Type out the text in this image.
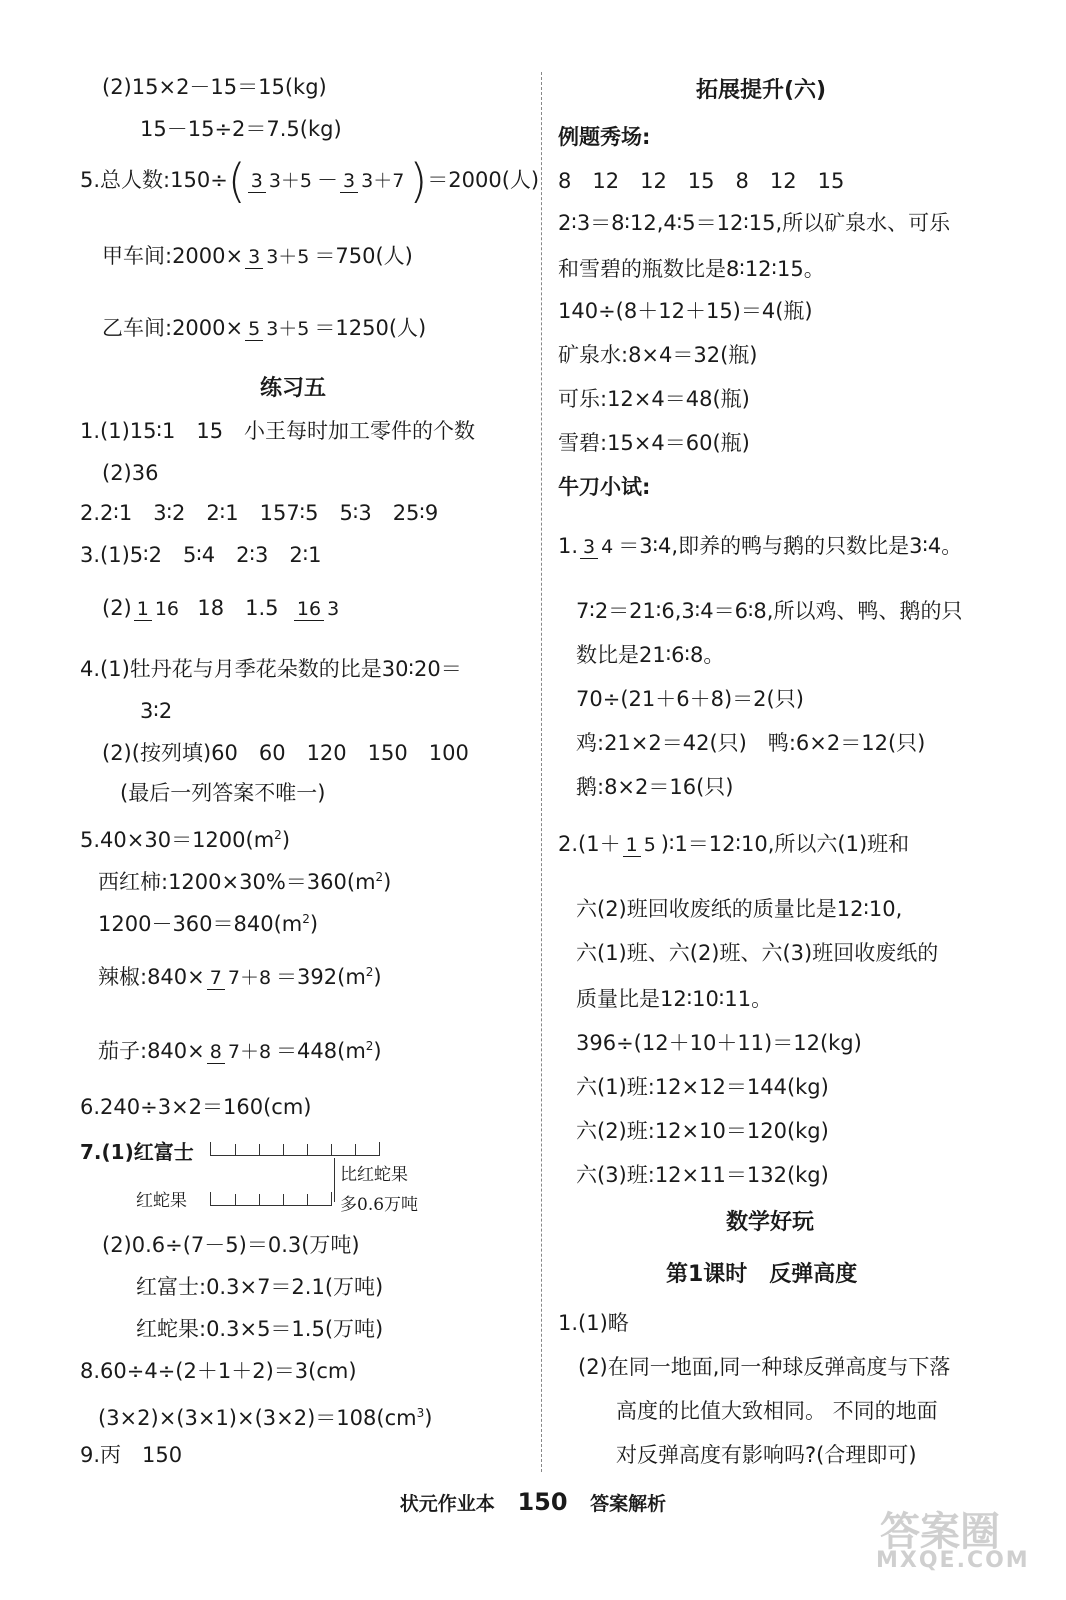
(2)15×2－15＝15(kg)
15－15÷2＝7.5(kg)
5.总人数:150÷( 3 3＋5 － 3 3＋7 )＝2000(人)
甲车间:2000× 3 3＋5 ＝750(人)
乙车间:2000× 5 3＋5 ＝1250(人)
练习五
1.(1)15∶1　15　小王每时加工零件的个数
(2)36
2.2∶1　3∶2　2∶1　157∶5　5∶3　25∶9
3.(1)5∶2　5∶4　2∶3　2∶1
(2) 1 16 18　1.5 16 3
4.(1)牡丹花与月季花朵数的比是30∶20＝
3∶2
(2)(按列填)60　60　120　150　100
(最后一列答案不唯一)
$5.40\times 30=1200(m^2)$
西红柿$:1200\times 30\%=360(m^2)$
$1200-360=840(m^2)$
辣椒:840× 7 $7+8 =392(m^2)$
茄子:840× 8 $7+8 =448(m^2)$
6.240÷3×2＝160(cm)
7.(1)红富士
比红蛇果
红蛇果	多0.6万吨
(2)0.6÷(7－5)＝0.3(万吨)
红富士:0.3×7＝2.1(万吨)
红蛇果:0.3×5＝1.5(万吨)
8.60÷4÷(2＋1＋2)＝3(cm)
$(3\times 2)\times(3\times 1)\times(3\times 2)=108(cm^3)$
9.丙　150
拓展提升(六)
例题秀场:
8　12　12　15　8　12　15
2∶3＝8∶12,4∶5＝12∶15,所以矿泉水、可乐
和雪碧的瓶数比是8∶12∶15。
140÷(8＋12＋15)＝4(瓶)
矿泉水:8×4＝32(瓶)
可乐:12×4＝48(瓶)
雪碧:15×4＝60(瓶)
牛刀小试:
1. 3 4 ＝3∶4,即养的鸭与鹅的只数比是3∶4。
7∶2＝21∶6,3∶4＝6∶8,所以鸡、鸭、鹅的只
数比是21∶6∶8。
70÷(21＋6＋8)＝2(只)
鸡:21×2＝42(只)　鸭:6×2＝12(只)
鹅:8×2＝16(只)
2.(1＋ 1 5 )∶1＝12∶10,所以六(1)班和
六(2)班回收废纸的质量比是12∶10,
六(1)班、六(2)班、六(3)班回收废纸的
质量比是12∶10∶11。
396÷(12＋10＋11)＝12(kg)
六(1)班:12×12＝144(kg)
六(2)班:12×10＝120(kg)
六(3)班:12×11＝132(kg)
数学好玩
第1课时　反弹高度
1.(1)略
(2)在同一地面,同一种球反弹高度与下落
高度的比值大致相同。 不同的地面
对反弹高度有影响吗?(合理即可)
状元作业本 150 答案解析
答案圈
MXQE.COM
